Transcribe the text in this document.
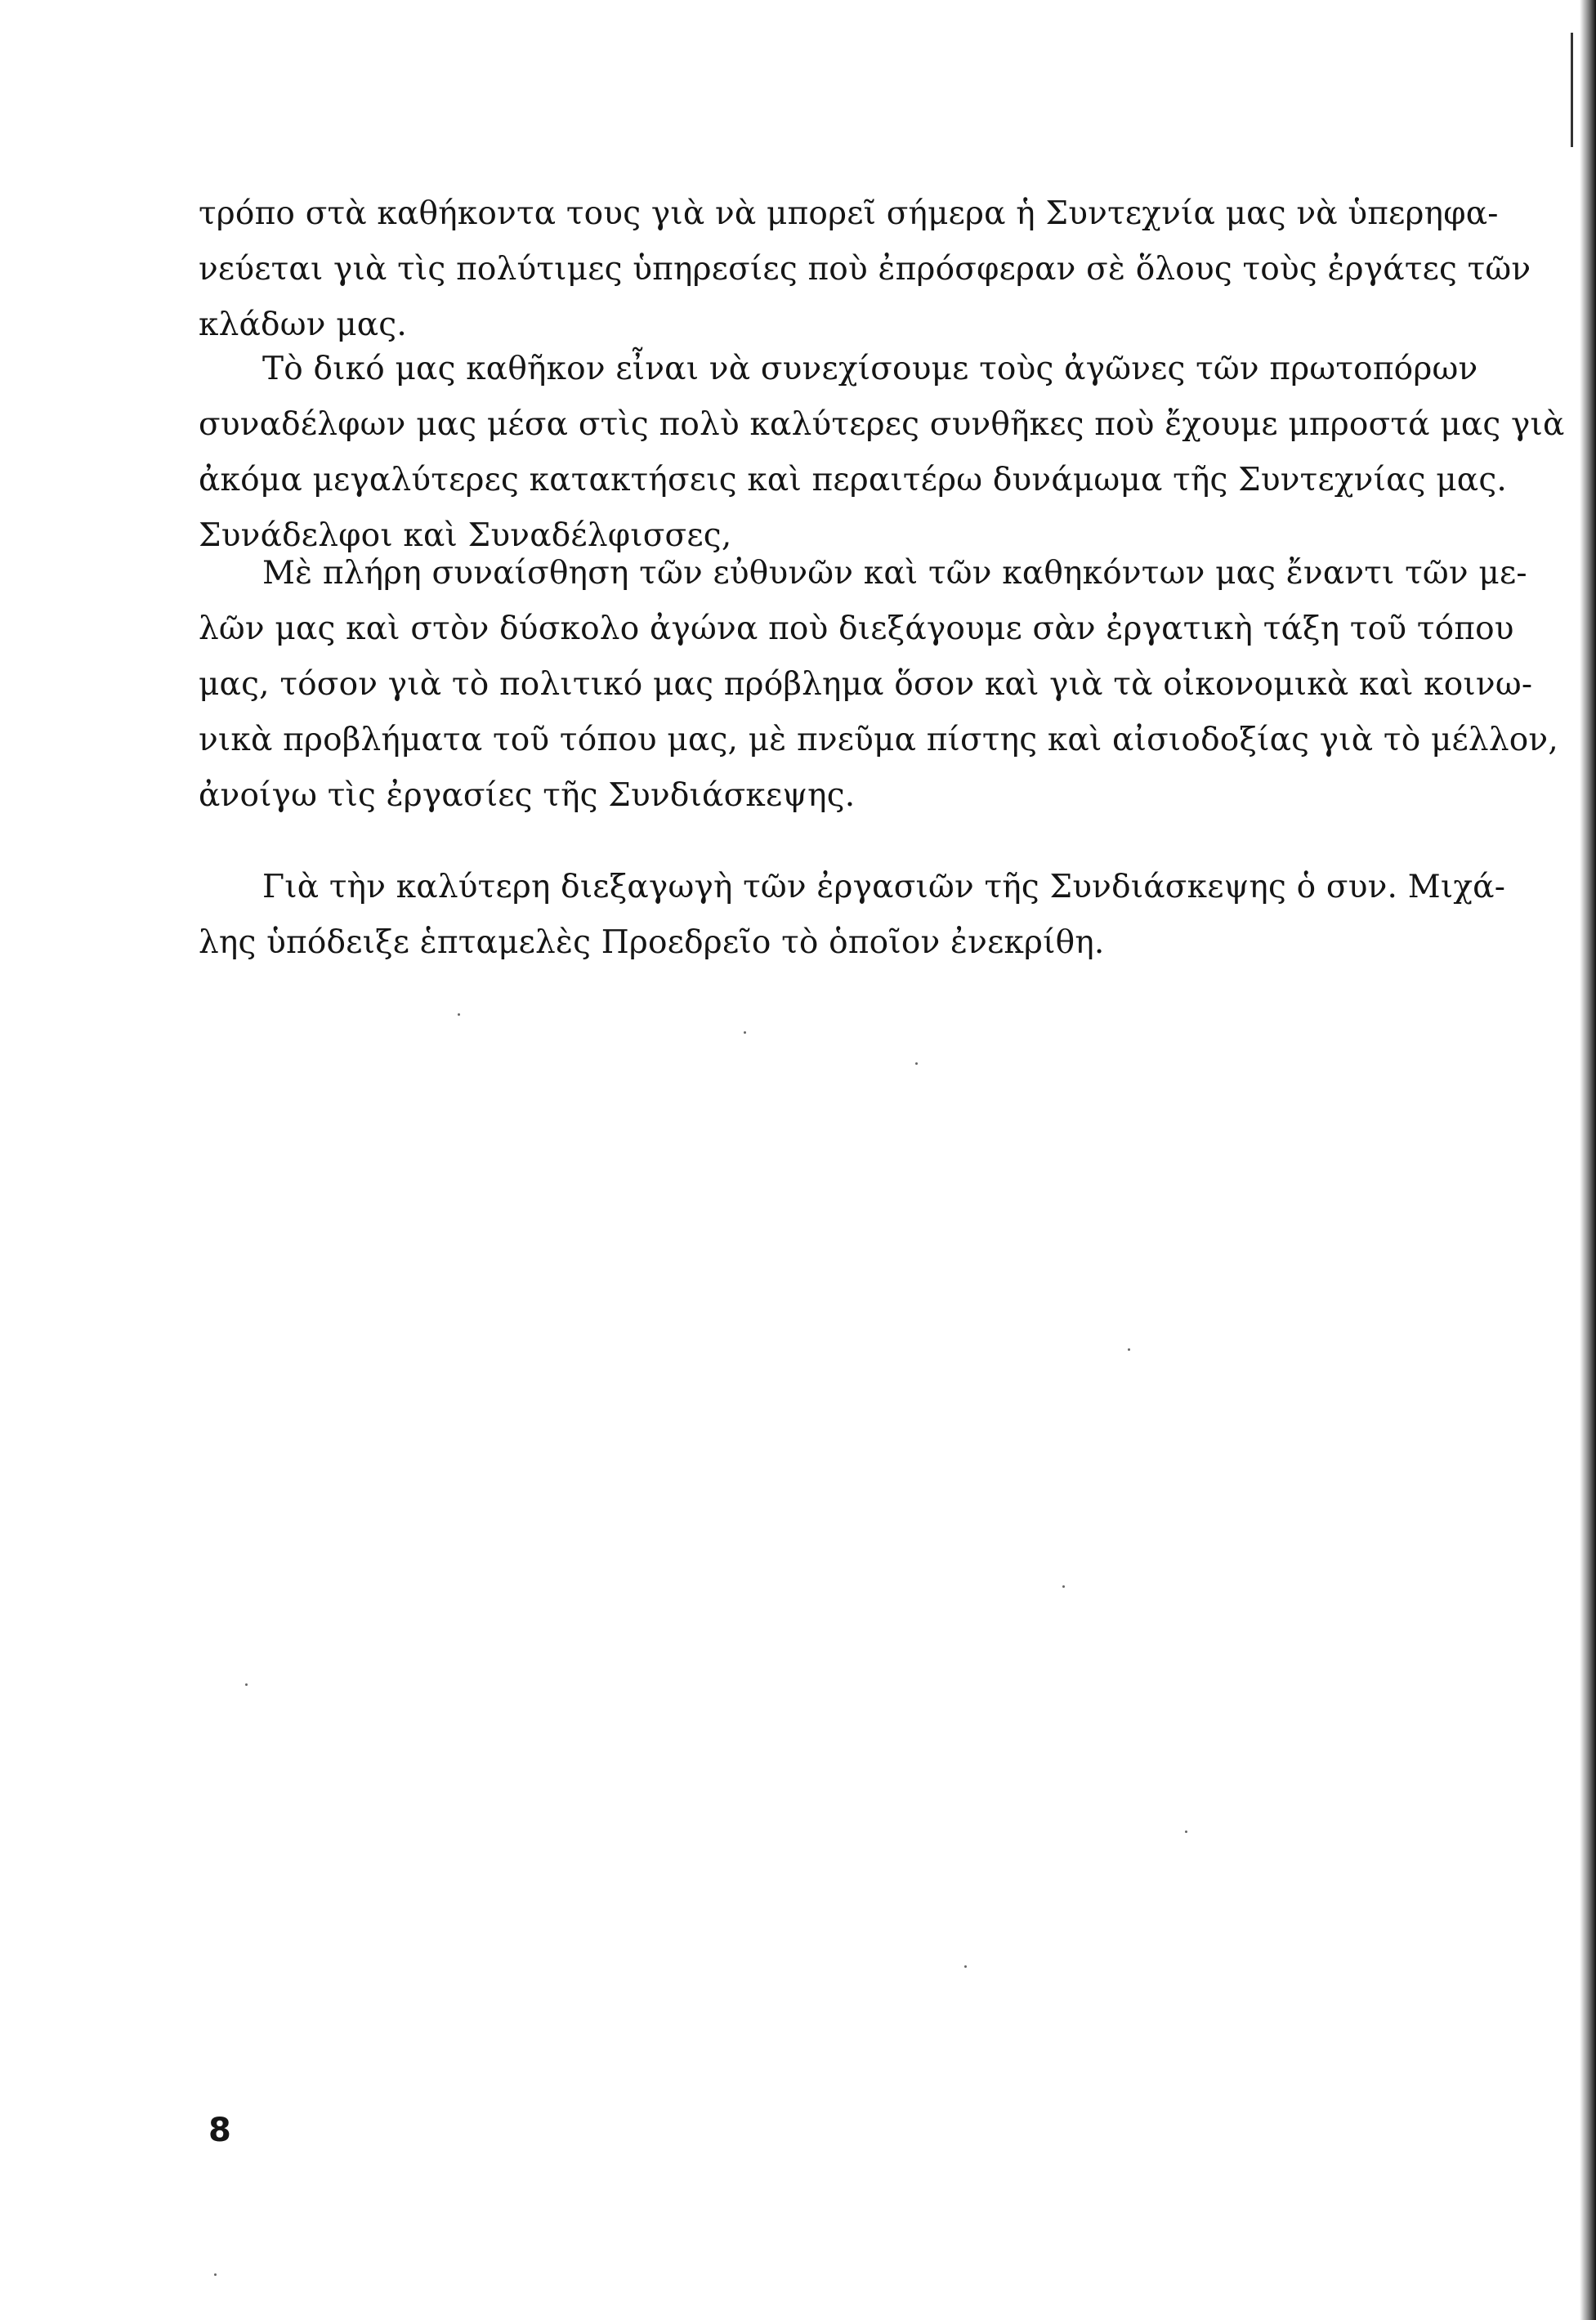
τρόπο στὰ καθήκοντα τους γιὰ νὰ μπορεῖ σήμερα ἡ Συντεχνία μας νὰ ὑπερηφα-
νεύεται γιὰ τὶς πολύτιμες ὑπηρεσίες ποὺ ἐπρόσφεραν σὲ ὅλους τοὺς ἐργάτες τῶν
κλάδων μας.
Τὸ δικό μας καθῆκον εἶναι νὰ συνεχίσουμε τοὺς ἀγῶνες τῶν πρωτοπόρων
συναδέλφων μας μέσα στὶς πολὺ καλύτερες συνθῆκες ποὺ ἔχουμε μπροστά μας γιὰ
ἀκόμα μεγαλύτερες κατακτήσεις καὶ περαιτέρω δυνάμωμα τῆς Συντεχνίας μας.
Συνάδελφοι καὶ Συναδέλφισσες,
Μὲ πλήρη συναίσθηση τῶν εὐθυνῶν καὶ τῶν καθηκόντων μας ἔναντι τῶν με-
λῶν μας καὶ στὸν δύσκολο ἀγώνα ποὺ διεξάγουμε σὰν ἐργατικὴ τάξη τοῦ τόπου
μας, τόσον γιὰ τὸ πολιτικό μας πρόβλημα ὅσον καὶ γιὰ τὰ οἰκονομικὰ καὶ κοινω-
νικὰ προβλήματα τοῦ τόπου μας, μὲ πνεῦμα πίστης καὶ αἰσιοδοξίας γιὰ τὸ μέλλον,
ἀνοίγω τὶς ἐργασίες τῆς Συνδιάσκεψης.
Γιὰ τὴν καλύτερη διεξαγωγὴ τῶν ἐργασιῶν τῆς Συνδιάσκεψης ὁ συν. Μιχά-
λης ὑπόδειξε ἑπταμελὲς Προεδρεῖο τὸ ὁποῖον ἐνεκρίθη.
8
